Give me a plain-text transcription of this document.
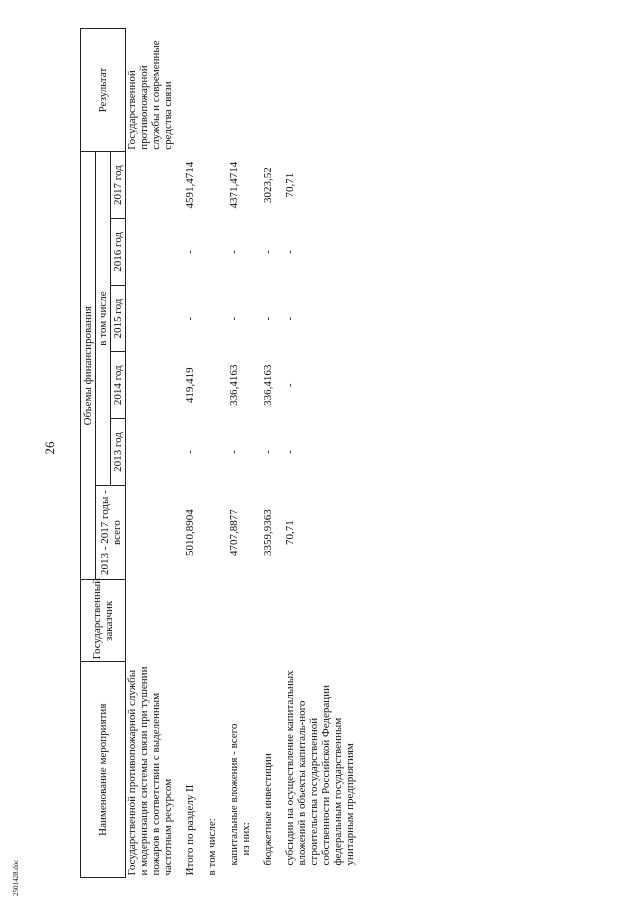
26
2501428.doc
Наименование мероприятия	Государственный заказчик	Объемы финансирования						Результат
		2013 - 2017 годы - всего	в том числе					
			2013 год	2014 год	2015 год	2016 год	2017 год	
Государственной противопожарной службы и модернизация системы связи при тушении пожаров в соответствии с выделенным частотным ресурсом								Государственной противопожарной службы и современные средства связи

Итого по разделу II		5010,8904	-	419,419	-	-	4591,4714	

в том числе:								

капитальные вложения - всего		4707,8877	-	336,4163	-	-	4371,4714	
из них:								

бюджетные инвестиции		3359,9363	-	336,4163	-	-	3023,52	

субсидии на осуществление капитальных вложений в объекты капиталь-ного строительства государственной собственности Российской Федерации федеральным государственным унитарным предприятиям		70,71	-	-	-	-	70,71	
